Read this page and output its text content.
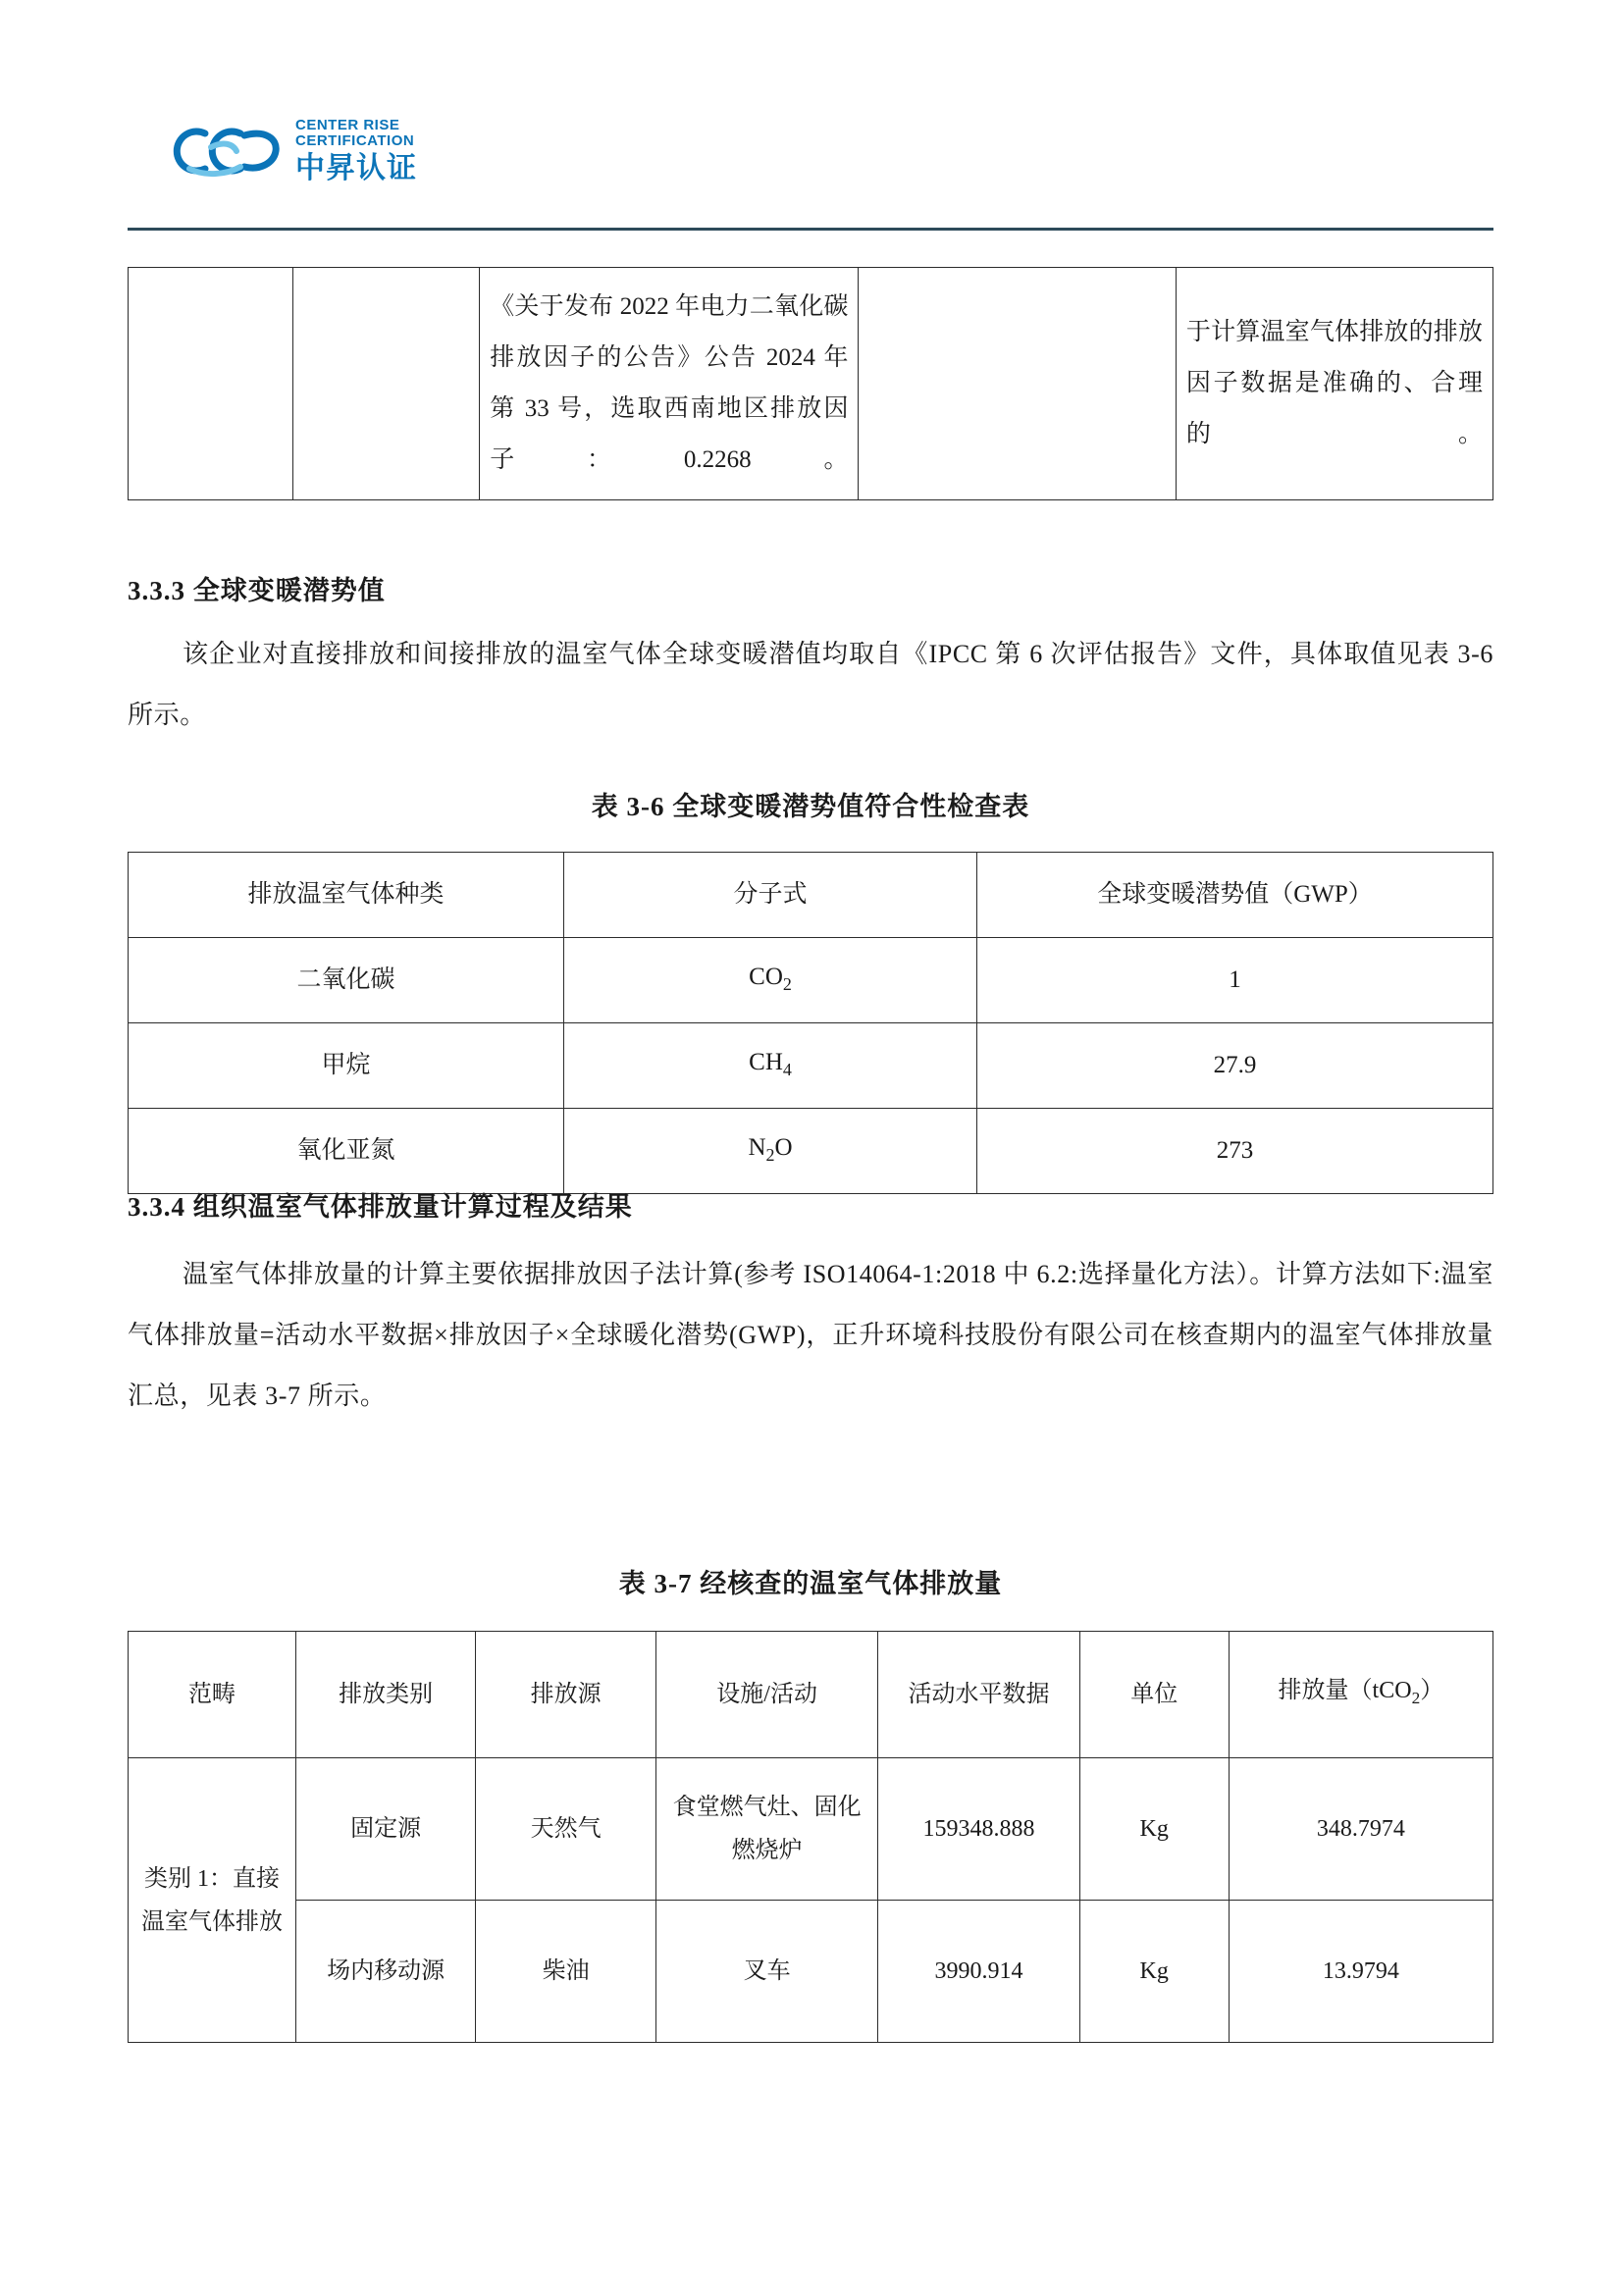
CENTER RISE
CERTIFICATION
中昇认证
		《关于发布 2022 年电力二氧化碳排放因子的公告》公告 2024 年 第 33 号，选取西南地区排放因子：0.2268。		于计算温室气体排放的排放因子数据是准确的、合理的。
3.3.3 全球变暖潜势值
该企业对直接排放和间接排放的温室气体全球变暖潜值均取自《IPCC 第 6 次评估报告》文件，具体取值见表 3-6 所示。
表 3-6 全球变暖潜势值符合性检查表
排放温室气体种类	分子式	全球变暖潜势值（GWP）
二氧化碳	$CO_2$	1
甲烷	$CH_4$	27.9
氧化亚氮	$N_2O$	273
3.3.4 组织温室气体排放量计算过程及结果
温室气体排放量的计算主要依据排放因子法计算(参考 ISO14064-1:2018 中 6.2:选择量化方法）。计算方法如下:温室气体排放量=活动水平数据×排放因子×全球暖化潜势(GWP)，正升环境科技股份有限公司在核查期内的温室气体排放量汇总，见表 3-7 所示。
表 3-7 经核查的温室气体排放量
范畴	排放类别	排放源	设施/活动	活动水平数据	单位	排放量（tCO$_2$）
类别 1：直接温室气体排放	固定源	天然气	食堂燃气灶、固化燃烧炉	159348.888	Kg	348.7974
	场内移动源	柴油	叉车	3990.914	Kg	13.9794
